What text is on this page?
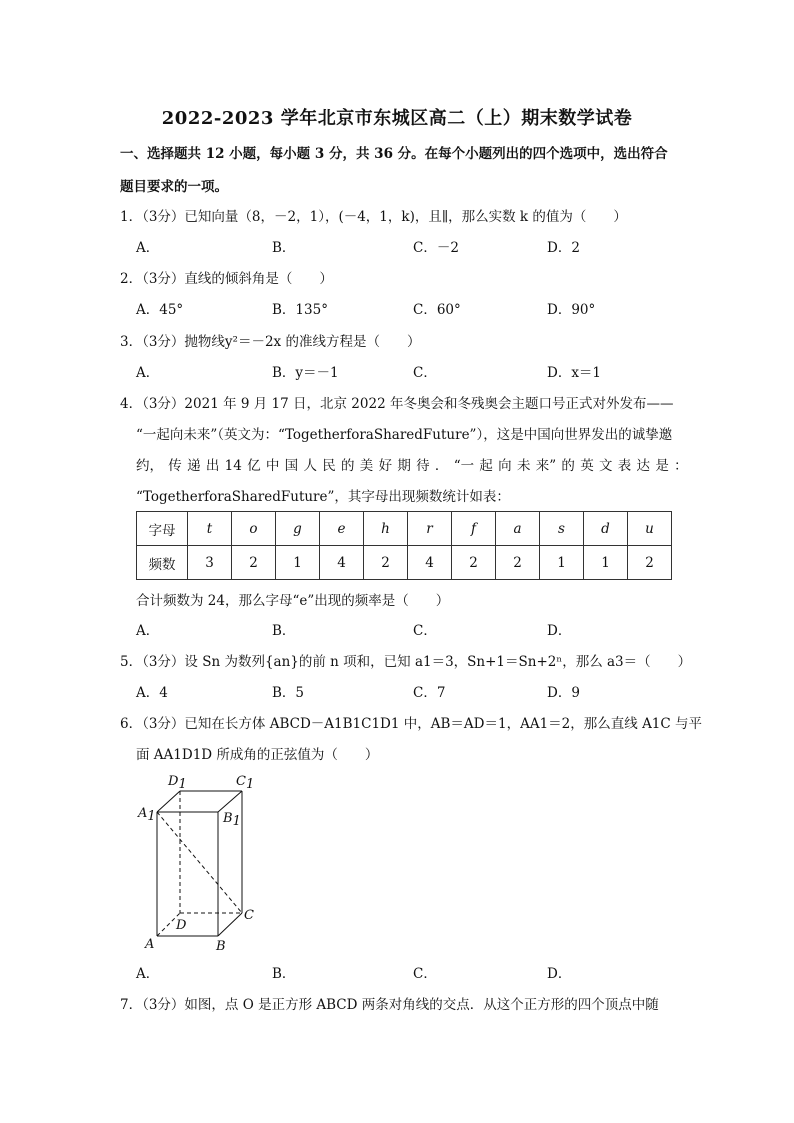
2022-2023 学年北京市东城区高二（上）期末数学试卷
一、选择题共 12 小题，每小题 3 分，共 36 分。在每个小题列出的四个选项中，选出符合
题目要求的一项。
1．（3分）已知向量（8，－2，1），(－4，1，k)，且∥，那么实数 k 的值为（　　）
A．	B．	C．－2	D．2
2．（3分）直线的倾斜角是（　　）
A．45°	B．135°	C．60°	D．90°
3．（3分）抛物线y²＝－2x 的准线方程是（　　）
A．	B．y＝－1	C．	D．x＝1
4．（3分）2021 年 9 月 17 日，北京 2022 年冬奥会和冬残奥会主题口号正式对外发布——
“一起向未来”（英文为：“TogetherforaSharedFuture”），这是中国向世界发出的诚挚邀
约， 传 递 出 14 亿 中 国 人 民 的 美 好 期 待 ． “一 起 向 未 来” 的 英 文 表 达 是 ：
“TogetherforaSharedFuture”，其字母出现频数统计如表：
字母	t	o	g	e	h	r	f	a	s	d	u
频数	3	2	1	4	2	4	2	2	1	1	2
合计频数为 24，那么字母“e”出现的频率是（　　）
A．	B．	C．	D．
5．（3分）设 Sn 为数列{an}的前 n 项和，已知 a1＝3，Sn+1＝Sn+2ⁿ，那么 a3＝（　　）
A．4	B．5	C．7	D．9
6．（3分）已知在长方体 ABCD－A1B1C1D1 中，AB＝AD＝1，AA1＝2，那么直线 A1C 与平
面 AA1D1D 所成角的正弦值为（　　）
D1	C1
A1	B1
D
C
A	B
A．	B．	C．	D．
7．（3分）如图，点 O 是正方形 ABCD 两条对角线的交点．从这个正方形的四个顶点中随
